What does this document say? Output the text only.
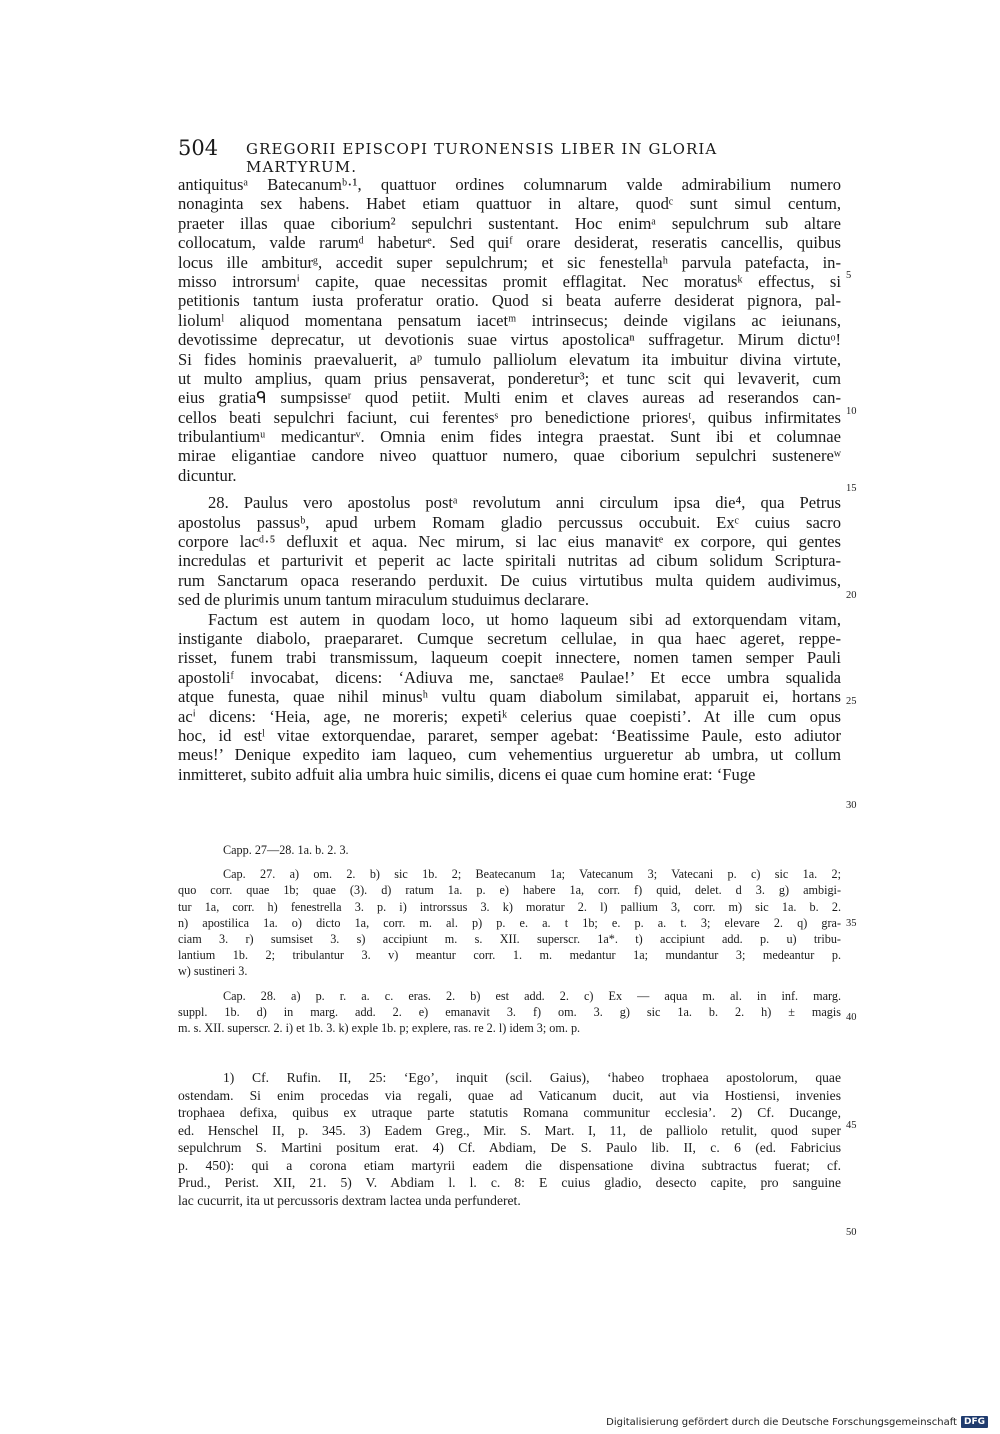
504 GREGORII EPISCOPI TURONENSIS LIBER IN GLORIA MARTYRUM.
antiquitusᵃ Batecanumᵇ·¹, quattuor ordines columnarum valde admirabilium numero
nonaginta sex habens. Habet etiam quattuor in altare, quodᶜ sunt simul centum,
praeter illas quae ciborium² sepulchri sustentant. Hoc enimᵃ sepulchrum sub altare
collocatum, valde rarumᵈ habeturᵉ. Sed quiᶠ orare desiderat, reseratis cancellis, quibus
locus ille ambiturᵍ, accedit super sepulchrum; et sic fenestellaʰ parvula patefacta, in-
misso introrsumⁱ capite, quae necessitas promit efflagitat. Nec moratusᵏ effectus, si
petitionis tantum iusta proferatur oratio. Quod si beata auferre desiderat pignora, pal-
liolumˡ aliquod momentana pensatum iacetᵐ intrinsecus; deinde vigilans ac ieiunans,
devotissime deprecatur, ut devotionis suae virtus apostolicaⁿ suffragetur. Mirum dictuᵒ!
Si fides hominis praevaluerit, aᵖ tumulo palliolum elevatum ita imbuitur divina virtute,
ut multo amplius, quam prius pensaverat, ponderetur³; et tunc scit qui levaverit, cum
eius gratiaᑫ sumpsisseʳ quod petiit. Multi enim et claves aureas ad reserandos can-
cellos beati sepulchri faciunt, cui ferentesˢ pro benedictione prioresᵗ, quibus infirmitates
tribulantiumᵘ medicanturᵛ. Omnia enim fides integra praestat. Sunt ibi et columnae
mirae eligantiae candore niveo quattuor numero, quae ciborium sepulchri sustenereʷ
dicuntur.
28. Paulus vero apostolus postᵃ revolutum anni circulum ipsa die⁴, qua Petrus
apostolus passusᵇ, apud urbem Romam gladio percussus occubuit. Exᶜ cuius sacro
corpore lacᵈ·⁵ defluxit et aqua. Nec mirum, si lac eius manavitᵉ ex corpore, qui gentes
incredulas et parturivit et peperit ac lacte spiritali nutritas ad cibum solidum Scriptura-
rum Sanctarum opaca reserando perduxit. De cuius virtutibus multa quidem audivimus,
sed de plurimis unum tantum miraculum studuimus declarare.
Factum est autem in quodam loco, ut homo laqueum sibi ad extorquendam vitam,
instigante diabolo, praepararet. Cumque secretum cellulae, in qua haec ageret, reppe-
risset, funem trabi transmissum, laqueum coepit innectere, nomen tamen semper Pauli
apostoliᶠ invocabat, dicens: ‘Adiuva me, sanctaeᵍ Paulae!’ Et ecce umbra squalida
atque funesta, quae nihil minusʰ vultu quam diabolum similabat, apparuit ei, hortans
acⁱ dicens: ‘Heia, age, ne moreris; expetiᵏ celerius quae coepisti’. At ille cum opus
hoc, id estˡ vitae extorquendae, pararet, semper agebat: ‘Beatissime Paule, esto adiutor
meus!’ Denique expedito iam laqueo, cum vehementius urgueretur ab umbra, ut collum
inmitteret, subito adfuit alia umbra huic similis, dicens ei quae cum homine erat: ‘Fuge
Capp. 27—28. 1a. b. 2. 3.
Cap. 27. a) om. 2. b) sic 1b. 2; Beatecanum 1a; Vatecanum 3; Vatecani p. c) sic 1a. 2;
quo corr. quae 1b; quae (3). d) ratum 1a. p. e) habere 1a, corr. f) quid, delet. d 3. g) ambigi-
tur 1a, corr. h) fenestrella 3. p. i) introrssus 3. k) moratur 2. l) pallium 3, corr. m) sic 1a. b. 2.
n) apostilica 1a. o) dicto 1a, corr. m. al. p) p. e. a. t 1b; e. p. a. t. 3; elevare 2. q) gra-
ciam 3. r) sumsiset 3. s) accipiunt m. s. XII. superscr. 1a*. t) accipiunt add. p. u) tribu-
lantium 1b. 2; tribulantur 3. v) meantur corr. 1. m. medantur 1a; mundantur 3; medeantur p.
w) sustineri 3.
Cap. 28. a) p. r. a. c. eras. 2. b) est add. 2. c) Ex — aqua m. al. in inf. marg.
suppl. 1b. d) in marg. add. 2. e) emanavit 3. f) om. 3. g) sic 1a. b. 2. h) ± magis
m. s. XII. superscr. 2. i) et 1b. 3. k) exple 1b. p; explere, ras. re 2. l) idem 3; om. p.
1) Cf. Rufin. II, 25: ‘Ego’, inquit (scil. Gaius), ‘habeo trophaea apostolorum, quae
ostendam. Si enim procedas via regali, quae ad Vaticanum ducit, aut via Hostiensi, invenies
trophaea defixa, quibus ex utraque parte statutis Romana communitur ecclesia’. 2) Cf. Ducange,
ed. Henschel II, p. 345. 3) Eadem Greg., Mir. S. Mart. I, 11, de palliolo retulit, quod super
sepulchrum S. Martini positum erat. 4) Cf. Abdiam, De S. Paulo lib. II, c. 6 (ed. Fabricius
p. 450): qui a corona etiam martyrii eadem die dispensatione divina subtractus fuerat; cf.
Prud., Perist. XII, 21. 5) V. Abdiam l. l. c. 8: E cuius gladio, desecto capite, pro sanguine
lac cucurrit, ita ut percussoris dextram lactea unda perfunderet.
5
10
15
20
25
30
35
40
45
50
Digitalisierung gefördert durch die Deutsche Forschungsgemeinschaft DFG
